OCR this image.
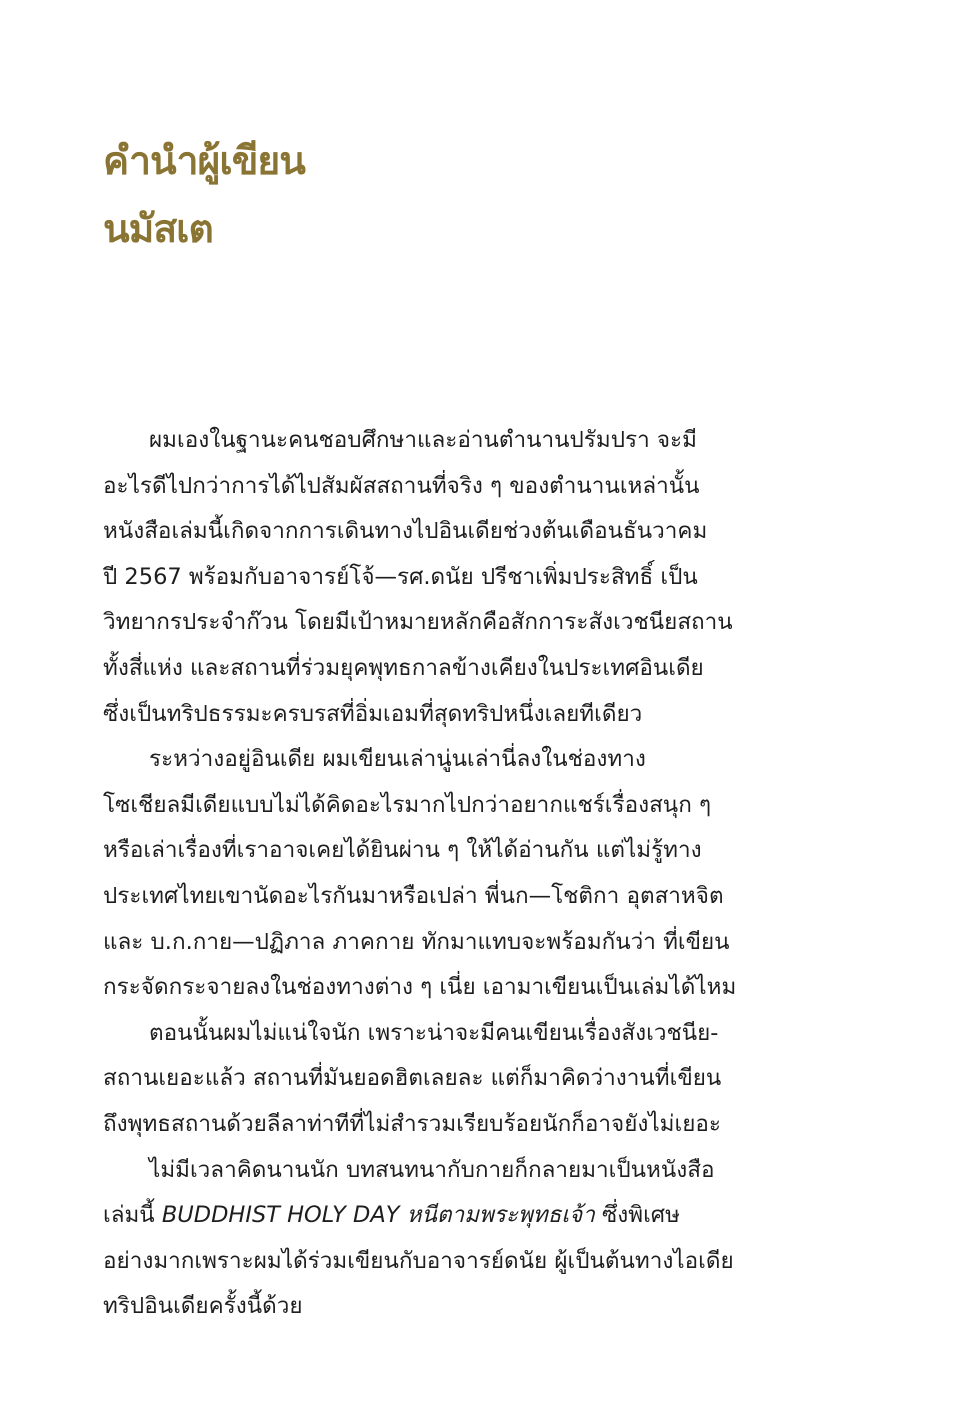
คำนำผู้เขียน
นมัสเต
ผมเองในฐานะคนชอบศึกษาและอ่านตำนานปรัมปรา จะมี
อะไรดีไปกว่าการได้ไปสัมผัสสถานที่จริง ๆ ของตำนานเหล่านั้น
หนังสือเล่มนี้เกิดจากการเดินทางไปอินเดียช่วงต้นเดือนธันวาคม
ปี 2567 พร้อมกับอาจารย์โจ้—รศ.ดนัย ปรีชาเพิ่มประสิทธิ์ เป็น
วิทยากรประจำก๊วน โดยมีเป้าหมายหลักคือสักการะสังเวชนียสถาน
ทั้งสี่แห่ง และสถานที่ร่วมยุคพุทธกาลข้างเคียงในประเทศอินเดีย
ซึ่งเป็นทริปธรรมะครบรสที่อิ่มเอมที่สุดทริปหนึ่งเลยทีเดียว
ระหว่างอยู่อินเดีย ผมเขียนเล่านู่นเล่านี่ลงในช่องทาง
โซเชียลมีเดียแบบไม่ได้คิดอะไรมากไปกว่าอยากแชร์เรื่องสนุก ๆ
หรือเล่าเรื่องที่เราอาจเคยได้ยินผ่าน ๆ ให้ได้อ่านกัน แต่ไม่รู้ทาง
ประเทศไทยเขานัดอะไรกันมาหรือเปล่า พี่นก—โชติกา อุตสาหจิต
และ บ.ก.กาย—ปฏิภาล ภาคกาย ทักมาแทบจะพร้อมกันว่า ที่เขียน
กระจัดกระจายลงในช่องทางต่าง ๆ เนี่ย เอามาเขียนเป็นเล่มได้ไหม
ตอนนั้นผมไม่แน่ใจนัก เพราะน่าจะมีคนเขียนเรื่องสังเวชนีย-
สถานเยอะแล้ว สถานที่มันยอดฮิตเลยละ แต่ก็มาคิดว่างานที่เขียน
ถึงพุทธสถานด้วยลีลาท่าทีที่ไม่สำรวมเรียบร้อยนักก็อาจยังไม่เยอะ
ไม่มีเวลาคิดนานนัก บทสนทนากับกายก็กลายมาเป็นหนังสือ
เล่มนี้ BUDDHIST HOLY DAY หนีตามพระพุทธเจ้า ซึ่งพิเศษ
อย่างมากเพราะผมได้ร่วมเขียนกับอาจารย์ดนัย ผู้เป็นต้นทางไอเดีย
ทริปอินเดียครั้งนี้ด้วย
